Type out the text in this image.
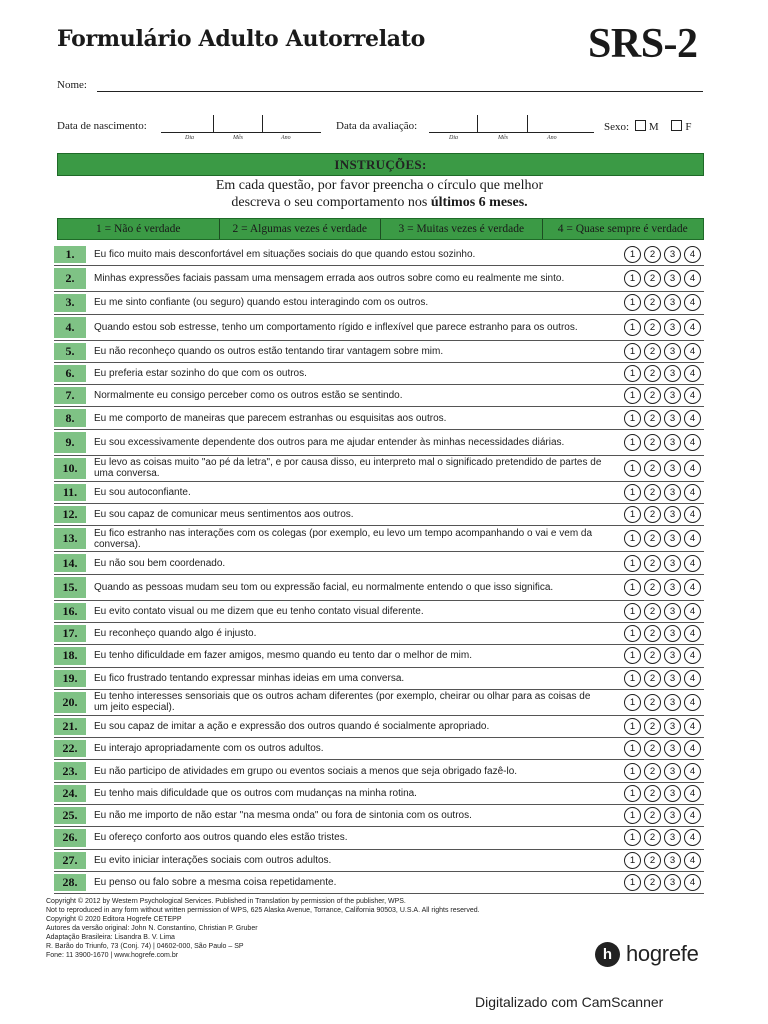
Formulário Adulto Autorrelato	SRS-2
Nome:
Data de nascimento:
Dia	Mês	Ano
Data da avaliação:
Dia	Mês	Ano
Sexo: M F
INSTRUÇÕES:
Em cada questão, por favor preencha o círculo que melhor
descreva o seu comportamento nos últimos 6 meses.
1 = Não é verdade	2 = Algumas vezes é verdade	3 = Muitas vezes é verdade	4 = Quase sempre é verdade
1.	Eu fico muito mais desconfortável em situações sociais do que quando estou sozinho.	1	2	3	4
2.	Minhas expressões faciais passam uma mensagem errada aos outros sobre como eu realmente me sinto.	1	2	3	4
3.	Eu me sinto confiante (ou seguro) quando estou interagindo com os outros.	1	2	3	4
4.	Quando estou sob estresse, tenho um comportamento rígido e inflexível que parece estranho para os outros.	1	2	3	4
5.	Eu não reconheço quando os outros estão tentando tirar vantagem sobre mim.	1	2	3	4
6.	Eu preferia estar sozinho do que com os outros.	1	2	3	4
7.	Normalmente eu consigo perceber como os outros estão se sentindo.	1	2	3	4
8.	Eu me comporto de maneiras que parecem estranhas ou esquisitas aos outros.	1	2	3	4
9.	Eu sou excessivamente dependente dos outros para me ajudar entender às minhas necessidades diárias.	1	2	3	4
10.	Eu levo as coisas muito "ao pé da letra", e por causa disso, eu interpreto mal o significado pretendido de partes de uma conversa.	1	2	3	4
11.	Eu sou autoconfiante.	1	2	3	4
12.	Eu sou capaz de comunicar meus sentimentos aos outros.	1	2	3	4
13.	Eu fico estranho nas interações com os colegas (por exemplo, eu levo um tempo acompanhando o vai e vem da conversa).	1	2	3	4
14.	Eu não sou bem coordenado.	1	2	3	4
15.	Quando as pessoas mudam seu tom ou expressão facial, eu normalmente entendo o que isso significa.	1	2	3	4
16.	Eu evito contato visual ou me dizem que eu tenho contato visual diferente.	1	2	3	4
17.	Eu reconheço quando algo é injusto.	1	2	3	4
18.	Eu tenho dificuldade em fazer amigos, mesmo quando eu tento dar o melhor de mim.	1	2	3	4
19.	Eu fico frustrado tentando expressar minhas ideias em uma conversa.	1	2	3	4
20.	Eu tenho interesses sensoriais que os outros acham diferentes (por exemplo, cheirar ou olhar para as coisas de um jeito especial).	1	2	3	4
21.	Eu sou capaz de imitar a ação e expressão dos outros quando é socialmente apropriado.	1	2	3	4
22.	Eu interajo apropriadamente com os outros adultos.	1	2	3	4
23.	Eu não participo de atividades em grupo ou eventos sociais a menos que seja obrigado fazê-lo.	1	2	3	4
24.	Eu tenho mais dificuldade que os outros com mudanças na minha rotina.	1	2	3	4
25.	Eu não me importo de não estar "na mesma onda" ou fora de sintonia com os outros.	1	2	3	4
26.	Eu ofereço conforto aos outros quando eles estão tristes.	1	2	3	4
27.	Eu evito iniciar interações sociais com outros adultos.	1	2	3	4
28.	Eu penso ou falo sobre a mesma coisa repetidamente.	1	2	3	4
Copyright © 2012 by Western Psychological Services. Published in Translation by permission of the publisher, WPS.
Not to reproduced in any form without written permission of WPS, 625 Alaska Avenue, Torrance, California 90503, U.S.A. All rights reserved.
Copyright © 2020 Editora Hogrefe CETEPP
Autores da versão original: John N. Constantino, Christian P. Gruber
Adaptação Brasileira: Lisandra B. V. Lima
R. Barão do Triunfo, 73 (Conj. 74) | 04602-000, São Paulo – SP
Fone: 11 3900-1670 | www.hogrefe.com.br	h hogrefe
Digitalizado com CamScanner
